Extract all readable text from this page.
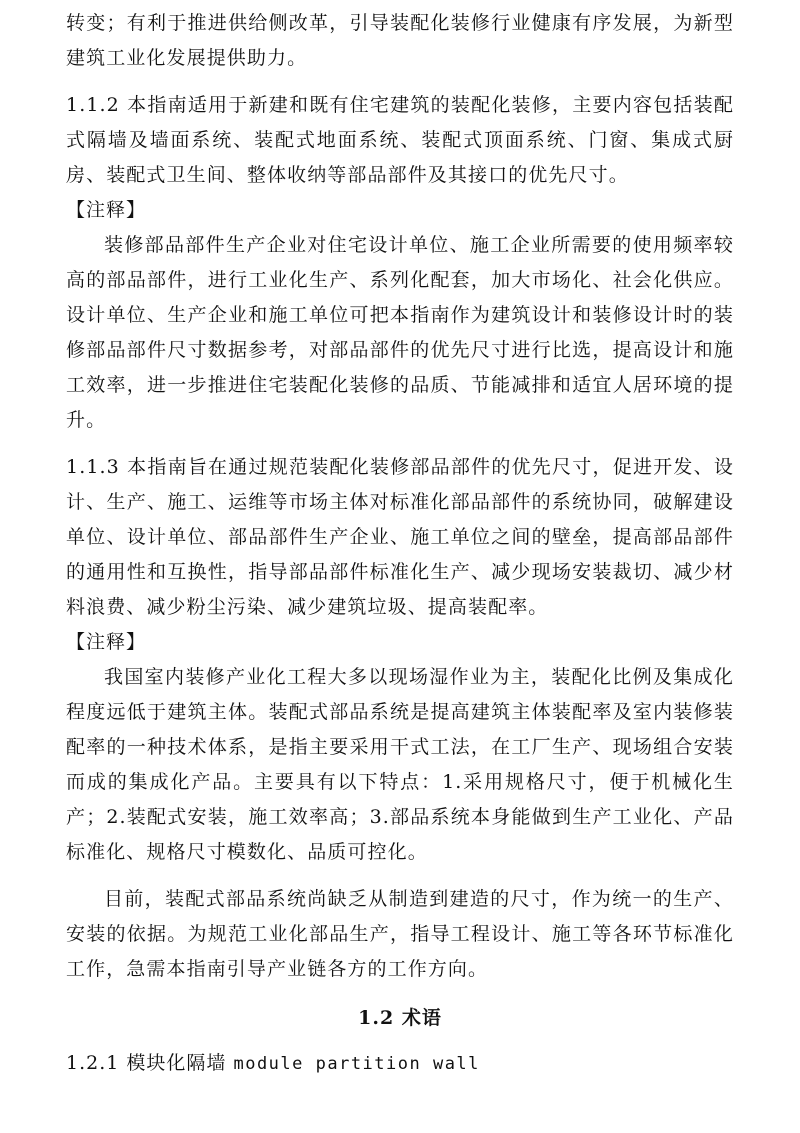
转变；有利于推进供给侧改革，引导装配化装修行业健康有序发展，为新型建筑工业化发展提供助力。

1.1.2 本指南适用于新建和既有住宅建筑的装配化装修，主要内容包括装配式隔墙及墙面系统、装配式地面系统、装配式顶面系统、门窗、集成式厨房、装配式卫生间、整体收纳等部品部件及其接口的优先尺寸。

【注释】

装修部品部件生产企业对住宅设计单位、施工企业所需要的使用频率较高的部品部件，进行工业化生产、系列化配套，加大市场化、社会化供应。设计单位、生产企业和施工单位可把本指南作为建筑设计和装修设计时的装修部品部件尺寸数据参考，对部品部件的优先尺寸进行比选，提高设计和施工效率，进一步推进住宅装配化装修的品质、节能减排和适宜人居环境的提升。

1.1.3 本指南旨在通过规范装配化装修部品部件的优先尺寸，促进开发、设计、生产、施工、运维等市场主体对标准化部品部件的系统协同，破解建设单位、设计单位、部品部件生产企业、施工单位之间的壁垒，提高部品部件的通用性和互换性，指导部品部件标准化生产、减少现场安装裁切、减少材料浪费、减少粉尘污染、减少建筑垃圾、提高装配率。

【注释】

我国室内装修产业化工程大多以现场湿作业为主，装配化比例及集成化程度远低于建筑主体。装配式部品系统是提高建筑主体装配率及室内装修装配率的一种技术体系，是指主要采用干式工法，在工厂生产、现场组合安装而成的集成化产品。主要具有以下特点：1.采用规格尺寸，便于机械化生产；2.装配式安装，施工效率高；3.部品系统本身能做到生产工业化、产品标准化、规格尺寸模数化、品质可控化。

目前，装配式部品系统尚缺乏从制造到建造的尺寸，作为统一的生产、安装的依据。为规范工业化部品生产，指导工程设计、施工等各环节标准化工作，急需本指南引导产业链各方的工作方向。

1.2 术语

1.2.1 模块化隔墙 module partition wall
